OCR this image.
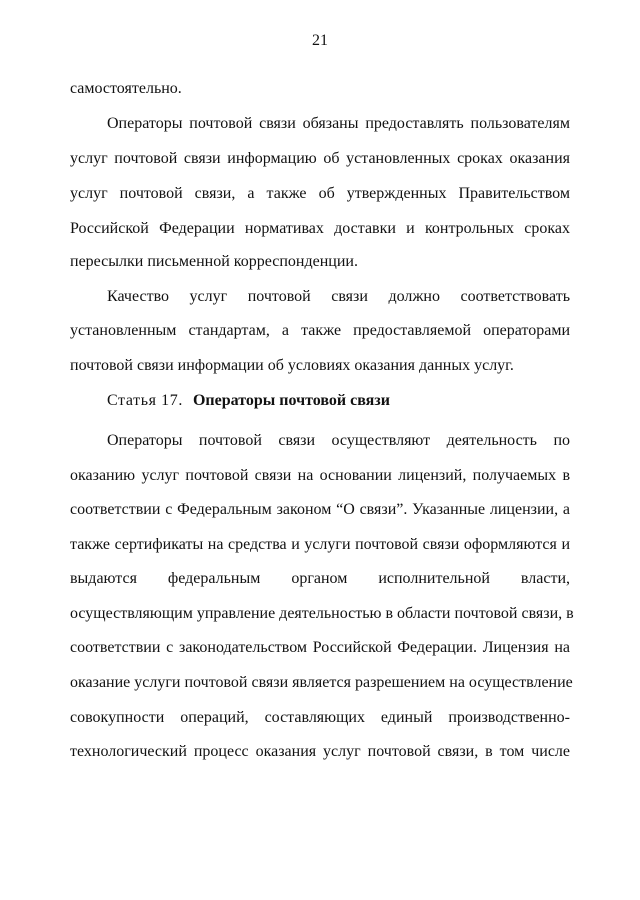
21
самостоятельно.
Операторы почтовой связи обязаны предоставлять пользователям
услуг почтовой связи информацию об установленных сроках оказания
услуг почтовой связи, а также об утвержденных Правительством
Российской Федерации нормативах доставки и контрольных сроках
пересылки письменной корреспонденции.
Качество услуг почтовой связи должно соответствовать
установленным стандартам, а также предоставляемой операторами
почтовой связи информации об условиях оказания данных услуг.
Статья 17. Операторы почтовой связи
Операторы почтовой связи осуществляют деятельность по
оказанию услуг почтовой связи на основании лицензий, получаемых в
соответствии с Федеральным законом “О связи”. Указанные лицензии, а
также сертификаты на средства и услуги почтовой связи оформляются и
выдаются федеральным органом исполнительной власти,
осуществляющим управление деятельностью в области почтовой связи, в
соответствии с законодательством Российской Федерации. Лицензия на
оказание услуги почтовой связи является разрешением на осуществление
совокупности операций, составляющих единый производственно-
технологический процесс оказания услуг почтовой связи, в том числе
